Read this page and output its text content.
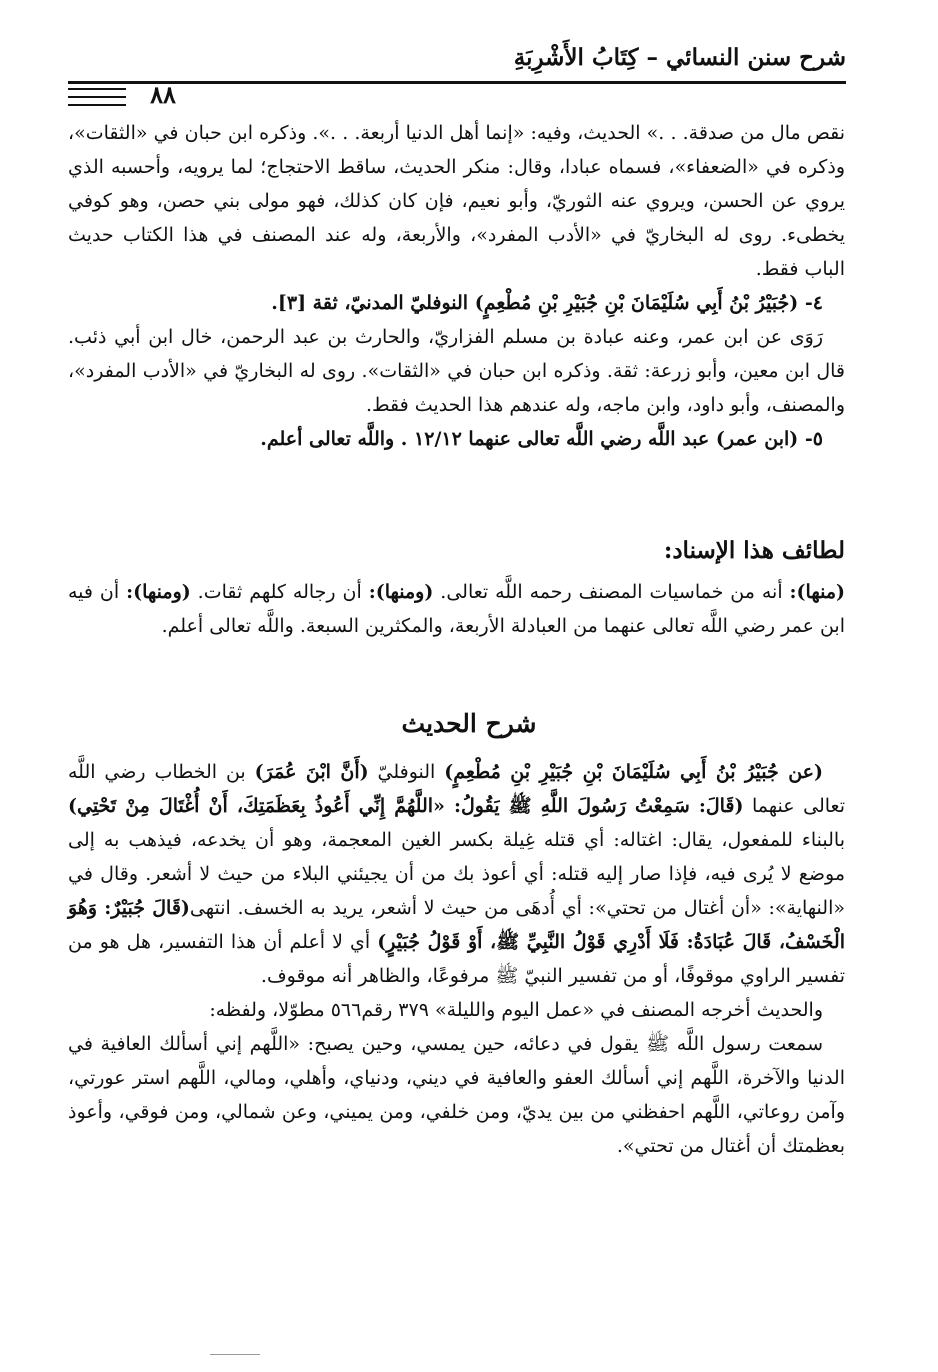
شرح سنن النسائي – كِتَابُ الأَشْرِبَةِ
٨٨

نقص مال من صدقة. . .» الحديث، وفيه: «إنما أهل الدنيا أربعة. . .». وذكره ابن حبان في «الثقات»، وذكره في «الضعفاء»، فسماه عبادا، وقال: منكر الحديث، ساقط الاحتجاج؛ لما يرويه، وأحسبه الذي يروي عن الحسن، ويروي عنه الثوريّ، وأبو نعيم، فإن كان كذلك، فهو مولى بني حصن، وهو كوفي يخطىء. روى له البخاريّ في «الأدب المفرد»، والأربعة، وله عند المصنف في هذا الكتاب حديث الباب فقط.

٤- (جُبَيْرُ بْنُ أَبِي سُلَيْمَانَ بْنِ جُبَيْرِ بْنِ مُطْعِمٍ) النوفليّ المدنيّ، ثقة [٣].

رَوَى عن ابن عمر، وعنه عبادة بن مسلم الفزاريّ، والحارث بن عبد الرحمن، خال ابن أبي ذئب. قال ابن معين، وأبو زرعة: ثقة. وذكره ابن حبان في «الثقات». روى له البخاريّ في «الأدب المفرد»، والمصنف، وأبو داود، وابن ماجه، وله عندهم هذا الحديث فقط.

٥- (ابن عمر) عبد اللَّه رضي اللَّه تعالى عنهما ١٢/١٢ . واللَّه تعالى أعلم.

لطائف هذا الإسناد:

(منها): أنه من خماسيات المصنف رحمه اللَّه تعالى. (ومنها): أن رجاله كلهم ثقات. (ومنها): أن فيه ابن عمر رضي اللَّه تعالى عنهما من العبادلة الأربعة، والمكثرين السبعة. واللَّه تعالى أعلم.

شرح الحديث

(عن جُبَيْرُ بْنُ أَبِي سُلَيْمَانَ بْنِ جُبَيْرِ بْنِ مُطْعِمٍ) النوفليّ (أَنَّ ابْنَ عُمَرَ) بن الخطاب رضي اللَّه تعالى عنهما (قَالَ: سَمِعْتُ رَسُولَ اللَّهِ ﷺ يَقُولُ: «اللَّهُمَّ إِنِّي أَعُوذُ بِعَظَمَتِكَ، أَنْ أُغْتَالَ مِنْ تَحْتِي) بالبناء للمفعول، يقال: اغتاله: أي قتله غِيلة بكسر الغين المعجمة، وهو أن يخدعه، فيذهب به إلى موضع لا يُرى فيه، فإذا صار إليه قتله: أي أعوذ بك من أن يجيئني البلاء من حيث لا أشعر. وقال في «النهاية»: «أن أغتال من تحتي»: أي أُدهَى من حيث لا أشعر، يريد به الخسف. انتهى(قَالَ جُبَيْرٌ: وَهُوَ الْخَسْفُ، قَالَ عُبَادَةُ: فَلَا أَدْرِي قَوْلُ النَّبِيِّ ﷺ، أَوْ قَوْلُ جُبَيْرٍ) أي لا أعلم أن هذا التفسير، هل هو من تفسير الراوي موقوفًا، أو من تفسير النبيّ ﷺ مرفوعًا، والظاهر أنه موقوف.

والحديث أخرجه المصنف في «عمل اليوم والليلة» ٣٧٩ رقم٥٦٦ مطوّلا، ولفظه:

سمعت رسول اللَّه ﷺ يقول في دعائه، حين يمسي، وحين يصبح: «اللَّهم إني أسألك العافية في الدنيا والآخرة، اللَّهم إني أسألك العفو والعافية في ديني، ودنياي، وأهلي، ومالي، اللَّهم استر عورتي، وآمن روعاتي، اللَّهم احفظني من بين يديّ، ومن خلفي، ومن يميني، وعن شمالي، ومن فوقي، وأعوذ بعظمتك أن أغتال من تحتي».
